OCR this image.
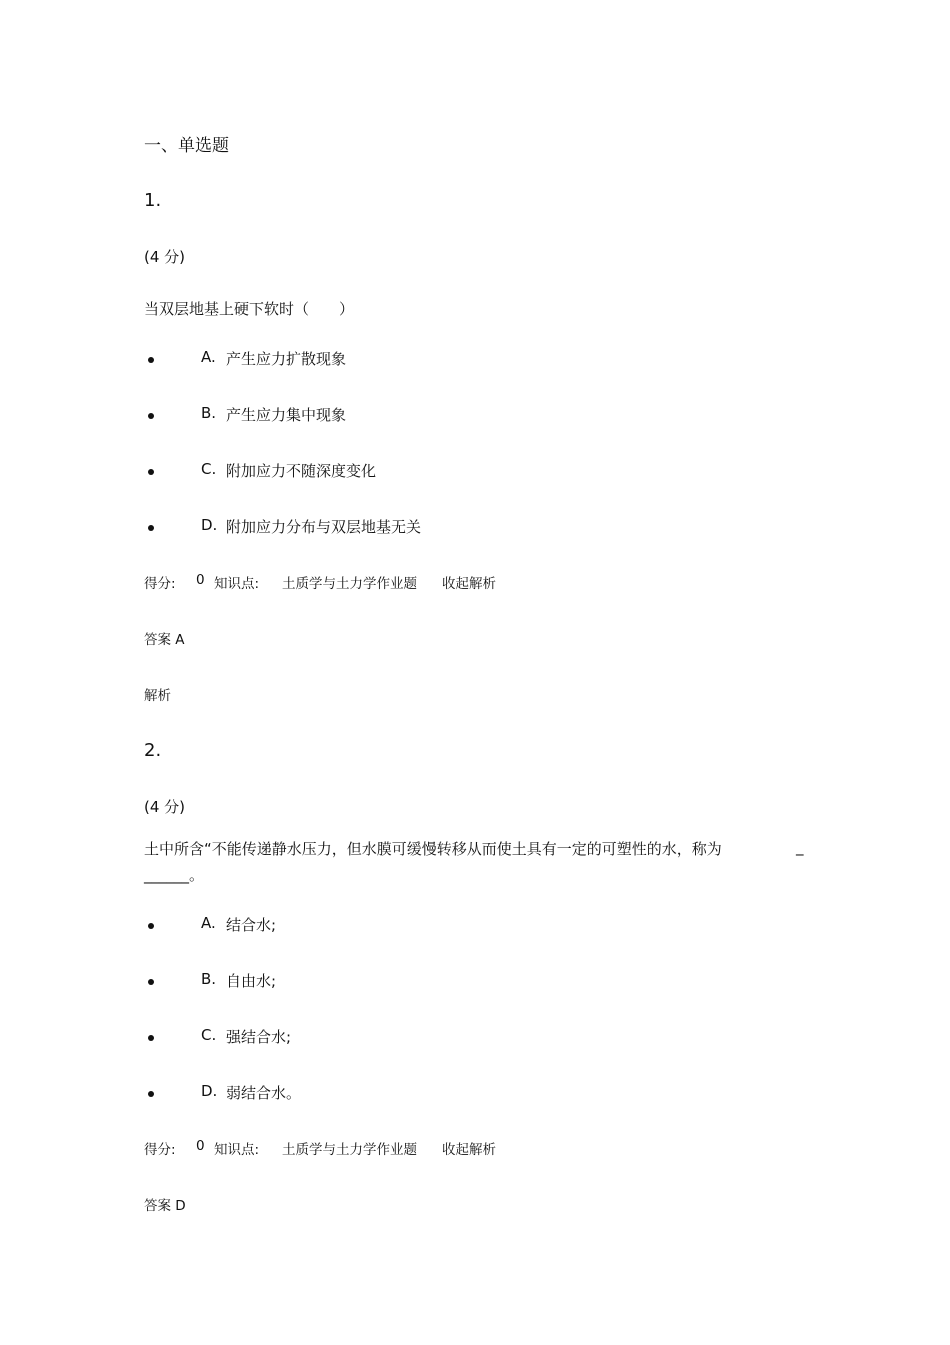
一、单选题
1.
(4 分)
当双层地基上硬下软时（　　）
A. 产生应力扩散现象
B. 产生应力集中现象
C. 附加应力不随深度变化
D. 附加应力分布与双层地基无关
得分: 0 知识点: 土质学与土力学作业题 收起解析
答案 A
解析
2.
(4 分)
土中所含“不能传递静水压力，但水膜可缓慢转移从而使土具有一定的可塑性的水，称为	_
______。
A. 结合水;
B. 自由水;
C. 强结合水;
D. 弱结合水。
得分: 0 知识点: 土质学与土力学作业题 收起解析
答案 D
